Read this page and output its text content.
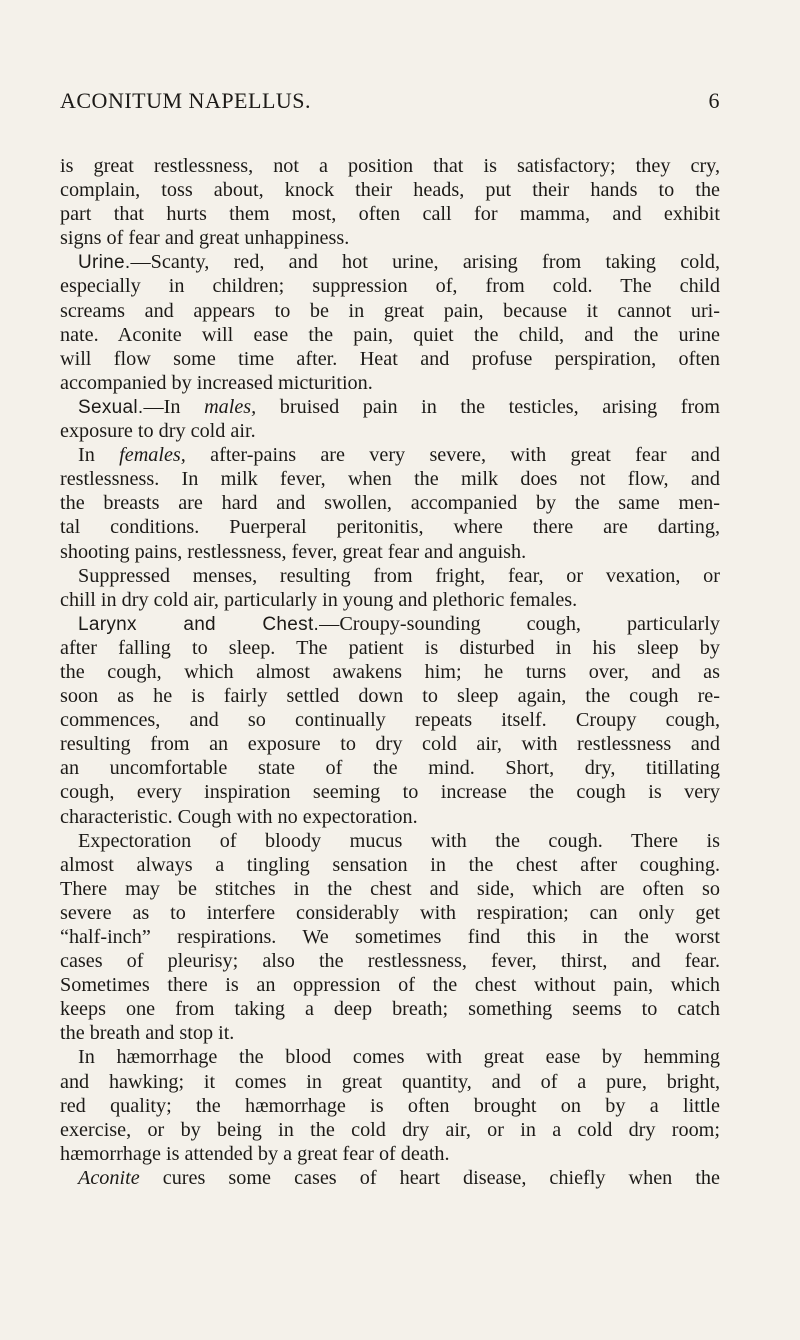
ACONITUM NAPELLUS.	6
is great restlessness, not a position that is satisfactory; they cry,
complain, toss about, knock their heads, put their hands to the
part that hurts them most, often call for mamma, and exhibit
signs of fear and great unhappiness.
Urine.—Scanty, red, and hot urine, arising from taking cold,
especially in children; suppression of, from cold. The child
screams and appears to be in great pain, because it cannot uri-
nate. Aconite will ease the pain, quiet the child, and the urine
will flow some time after. Heat and profuse perspiration, often
accompanied by increased micturition.
Sexual.—In males, bruised pain in the testicles, arising from
exposure to dry cold air.
In females, after-pains are very severe, with great fear and
restlessness. In milk fever, when the milk does not flow, and
the breasts are hard and swollen, accompanied by the same men-
tal conditions. Puerperal peritonitis, where there are darting,
shooting pains, restlessness, fever, great fear and anguish.
Suppressed menses, resulting from fright, fear, or vexation, or
chill in dry cold air, particularly in young and plethoric females.
Larynx and Chest.—Croupy-sounding cough, particularly
after falling to sleep. The patient is disturbed in his sleep by
the cough, which almost awakens him; he turns over, and as
soon as he is fairly settled down to sleep again, the cough re-
commences, and so continually repeats itself. Croupy cough,
resulting from an exposure to dry cold air, with restlessness and
an uncomfortable state of the mind. Short, dry, titillating
cough, every inspiration seeming to increase the cough is very
characteristic. Cough with no expectoration.
Expectoration of bloody mucus with the cough. There is
almost always a tingling sensation in the chest after coughing.
There may be stitches in the chest and side, which are often so
severe as to interfere considerably with respiration; can only get
“half-inch” respirations. We sometimes find this in the worst
cases of pleurisy; also the restlessness, fever, thirst, and fear.
Sometimes there is an oppression of the chest without pain, which
keeps one from taking a deep breath; something seems to catch
the breath and stop it.
In hæmorrhage the blood comes with great ease by hemming
and hawking; it comes in great quantity, and of a pure, bright,
red quality; the hæmorrhage is often brought on by a little
exercise, or by being in the cold dry air, or in a cold dry room;
hæmorrhage is attended by a great fear of death.
Aconite cures some cases of heart disease, chiefly when the
